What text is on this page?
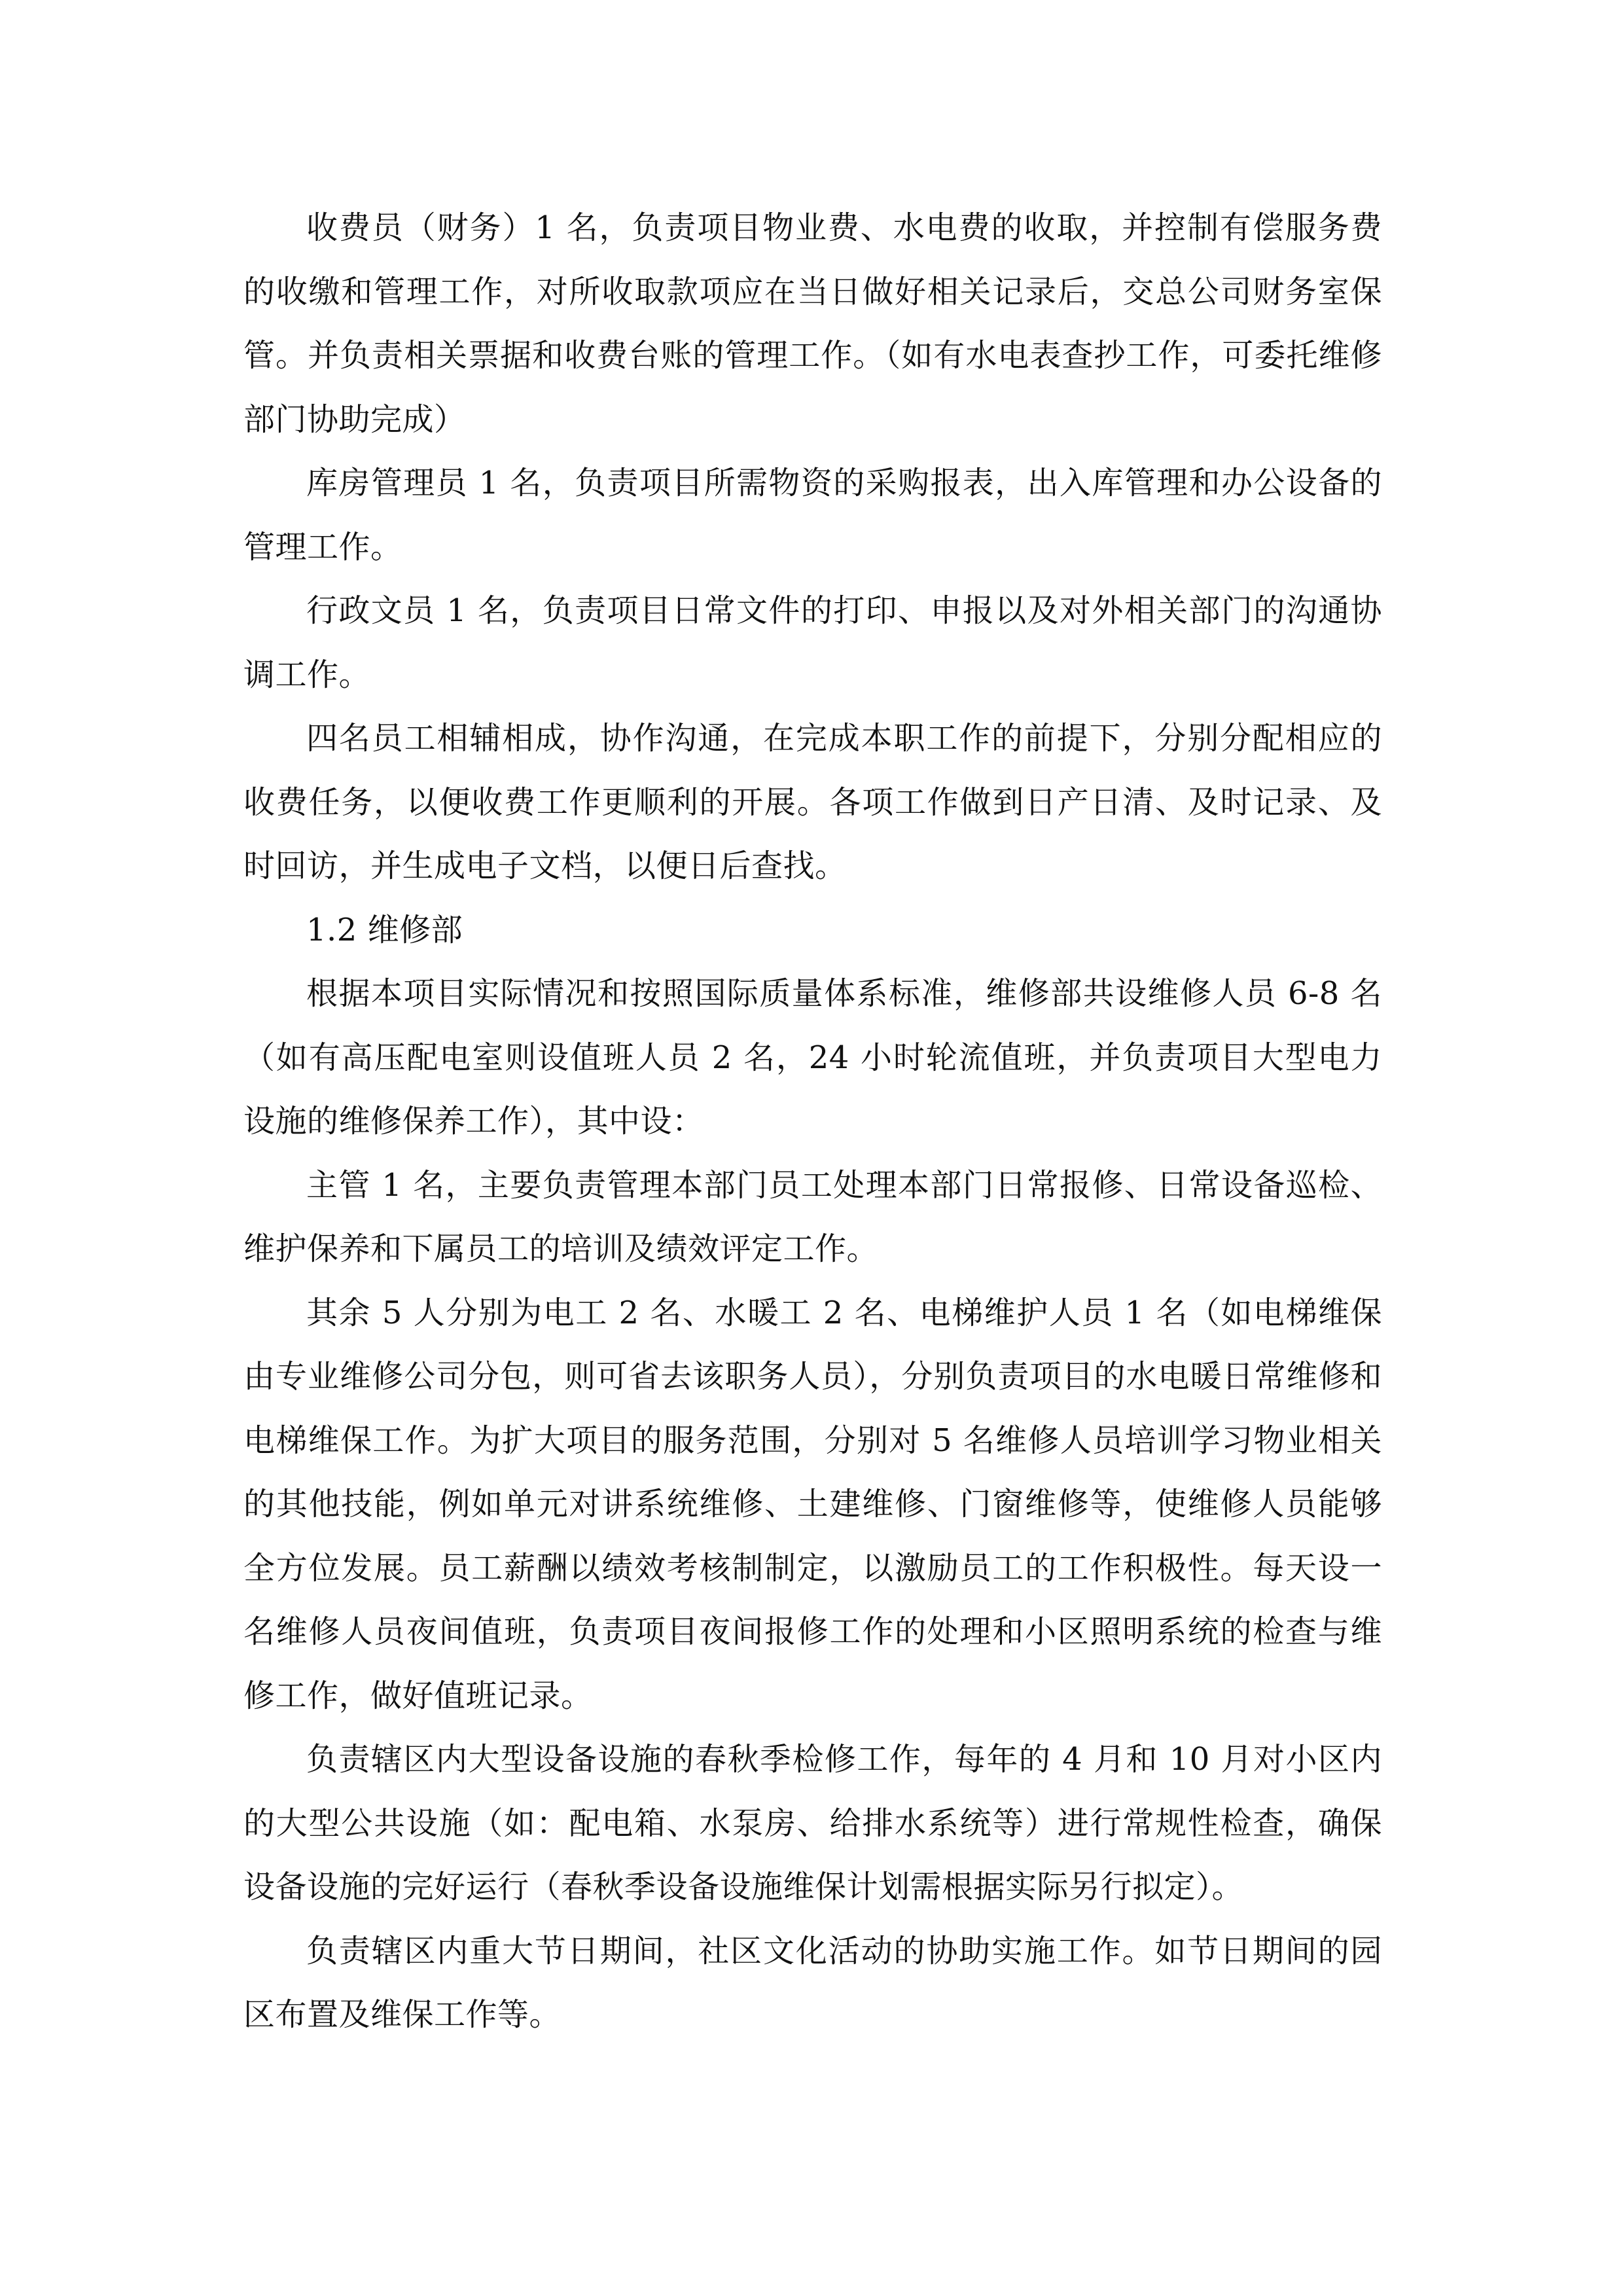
收费员（财务）1 名，负责项目物业费、水电费的收取，并控制有偿服务费的收缴和管理工作，对所收取款项应在当日做好相关记录后，交总公司财务室保管。并负责相关票据和收费台账的管理工作。（如有水电表查抄工作，可委托维修部门协助完成）

库房管理员 1 名，负责项目所需物资的采购报表，出入库管理和办公设备的管理工作。

行政文员 1 名，负责项目日常文件的打印、申报以及对外相关部门的沟通协调工作。

四名员工相辅相成，协作沟通，在完成本职工作的前提下，分别分配相应的收费任务，以便收费工作更顺利的开展。各项工作做到日产日清、及时记录、及时回访，并生成电子文档，以便日后查找。

1.2 维修部

根据本项目实际情况和按照国际质量体系标准，维修部共设维修人员 6-8 名（如有高压配电室则设值班人员 2 名，24 小时轮流值班，并负责项目大型电力设施的维修保养工作），其中设：

主管 1 名，主要负责管理本部门员工处理本部门日常报修、日常设备巡检、维护保养和下属员工的培训及绩效评定工作。

其余 5 人分别为电工 2 名、水暖工 2 名、电梯维护人员 1 名（如电梯维保由专业维修公司分包，则可省去该职务人员），分别负责项目的水电暖日常维修和电梯维保工作。为扩大项目的服务范围，分别对 5 名维修人员培训学习物业相关的其他技能，例如单元对讲系统维修、土建维修、门窗维修等，使维修人员能够全方位发展。员工薪酬以绩效考核制制定，以激励员工的工作积极性。每天设一名维修人员夜间值班，负责项目夜间报修工作的处理和小区照明系统的检查与维修工作，做好值班记录。

负责辖区内大型设备设施的春秋季检修工作，每年的 4 月和 10 月对小区内的大型公共设施（如：配电箱、水泵房、给排水系统等）进行常规性检查，确保设备设施的完好运行（春秋季设备设施维保计划需根据实际另行拟定）。

负责辖区内重大节日期间，社区文化活动的协助实施工作。如节日期间的园区布置及维保工作等。
